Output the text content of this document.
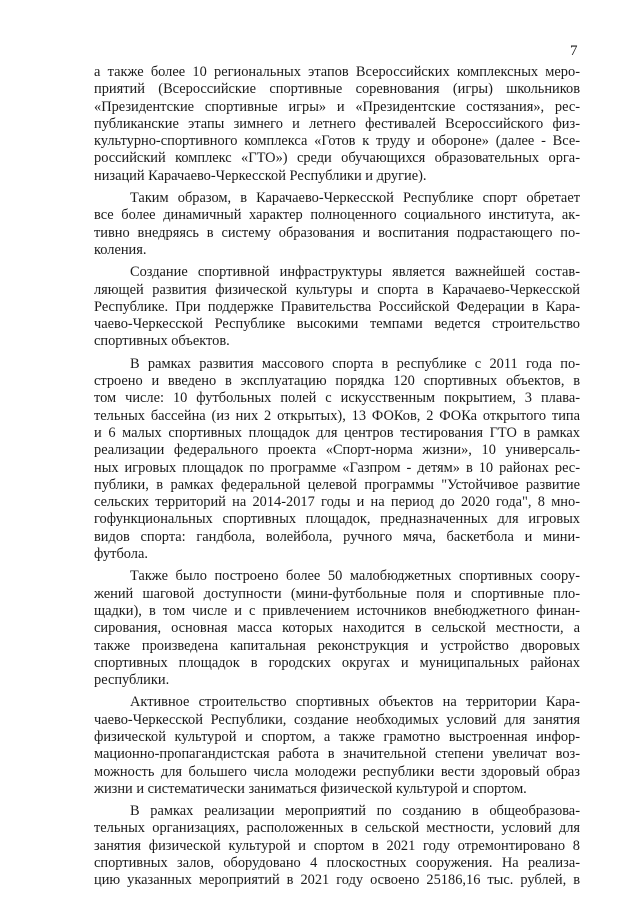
7
а также более 10 региональных этапов Всероссийских комплексных меро-
приятий (Всероссийские спортивные соревнования (игры) школьников
«Президентские спортивные игры» и «Президентские состязания», рес-
публиканские этапы зимнего и летнего фестивалей Всероссийского физ-
культурно-спортивного комплекса «Готов к труду и обороне» (далее - Все-
российский комплекс «ГТО») среди обучающихся образовательных орга-
низаций Карачаево-Черкесской Республики и другие).
Таким образом, в Карачаево-Черкесской Республике спорт обретает
все более динамичный характер полноценного социального института, ак-
тивно внедряясь в систему образования и воспитания подрастающего по-
коления.
Создание спортивной инфраструктуры является важнейшей состав-
ляющей развития физической культуры и спорта в Карачаево-Черкесской
Республике. При поддержке Правительства Российской Федерации в Кара-
чаево-Черкесской Республике высокими темпами ведется строительство
спортивных объектов.
В рамках развития массового спорта в республике с 2011 года по-
строено и введено в эксплуатацию порядка 120 спортивных объектов, в
том числе: 10 футбольных полей с искусственным покрытием, 3 плава-
тельных бассейна (из них 2 открытых), 13 ФОКов, 2 ФОКа открытого типа
и 6 малых спортивных площадок для центров тестирования ГТО в рамках
реализации федерального проекта «Спорт-норма жизни», 10 универсаль-
ных игровых площадок по программе «Газпром - детям» в 10 районах рес-
публики, в рамках федеральной целевой программы "Устойчивое развитие
сельских территорий на 2014-2017 годы и на период до 2020 года", 8 мно-
гофункциональных спортивных площадок, предназначенных для игровых
видов спорта: гандбола, волейбола, ручного мяча, баскетбола и мини-
футбола.
Также было построено более 50 малобюджетных спортивных соору-
жений шаговой доступности (мини-футбольные поля и спортивные пло-
щадки), в том числе и с привлечением источников внебюджетного финан-
сирования, основная масса которых находится в сельской местности, а
также произведена капитальная реконструкция и устройство дворовых
спортивных площадок в городских округах и муниципальных районах
республики.
Активное строительство спортивных объектов на территории Кара-
чаево-Черкесской Республики, создание необходимых условий для занятия
физической культурой и спортом, а также грамотно выстроенная инфор-
мационно-пропагандистская работа в значительной степени увеличат воз-
можность для большего числа молодежи республики вести здоровый образ
жизни и систематически заниматься физической культурой и спортом.
В рамках реализации мероприятий по созданию в общеобразова-
тельных организациях, расположенных в сельской местности, условий для
занятия физической культурой и спортом в 2021 году отремонтировано 8
спортивных залов, оборудовано 4 плоскостных сооружения. На реализа-
цию указанных мероприятий в 2021 году освоено 25186,16 тыс. рублей, в
